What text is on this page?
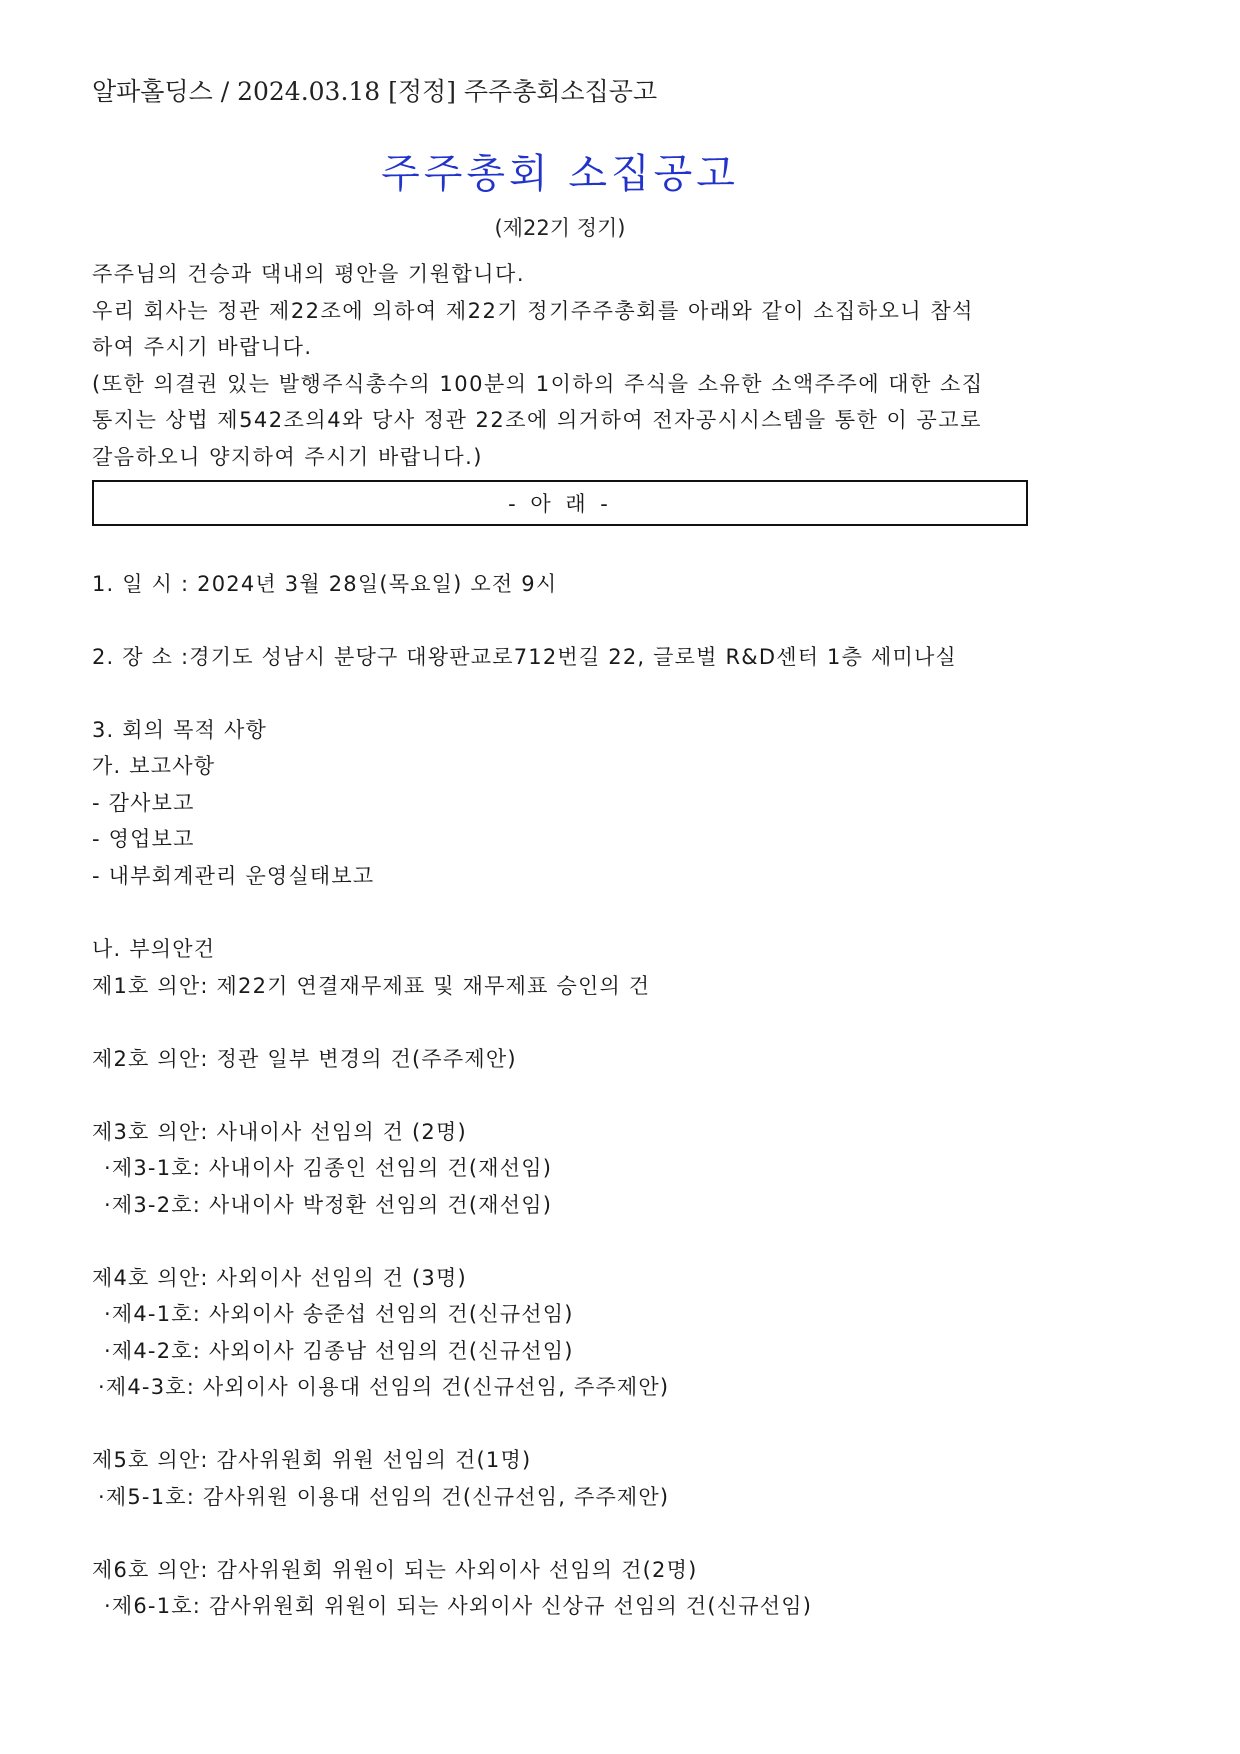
알파홀딩스 / 2024.03.18 [정정] 주주총회소집공고
주주총회 소집공고
(제22기 정기)

주주님의 건승과 댁내의 평안을 기원합니다.

우리 회사는 정관 제22조에 의하여 제22기 정기주주총회를 아래와 같이 소집하오니 참석

하여 주시기 바랍니다.

(또한 의결권 있는 발행주식총수의 100분의 1이하의 주식을 소유한 소액주주에 대한 소집

통지는 상법 제542조의4와 당사 정관 22조에 의거하여 전자공시시스템을 통한 이 공고로

갈음하오니 양지하여 주시기 바랍니다.)

- 아 래 -

1. 일 시 : 2024년 3월 28일(목요일) 오전 9시

2. 장 소 :경기도 성남시 분당구 대왕판교로712번길 22, 글로벌 R&D센터 1층 세미나실

3. 회의 목적 사항

가. 보고사항

- 감사보고

- 영업보고

- 내부회계관리 운영실태보고

나. 부의안건

제1호 의안: 제22기 연결재무제표 및 재무제표 승인의 건

제2호 의안: 정관 일부 변경의 건(주주제안)

제3호 의안: 사내이사 선임의 건 (2명)

·제3-1호: 사내이사 김종인 선임의 건(재선임)

·제3-2호: 사내이사 박정환 선임의 건(재선임)

제4호 의안: 사외이사 선임의 건 (3명)

·제4-1호: 사외이사 송준섭 선임의 건(신규선임)

·제4-2호: 사외이사 김종남 선임의 건(신규선임)

·제4-3호: 사외이사 이용대 선임의 건(신규선임, 주주제안)

제5호 의안: 감사위원회 위원 선임의 건(1명)

·제5-1호: 감사위원 이용대 선임의 건(신규선임, 주주제안)

제6호 의안: 감사위원회 위원이 되는 사외이사 선임의 건(2명)

·제6-1호: 감사위원회 위원이 되는 사외이사 신상규 선임의 건(신규선임)
